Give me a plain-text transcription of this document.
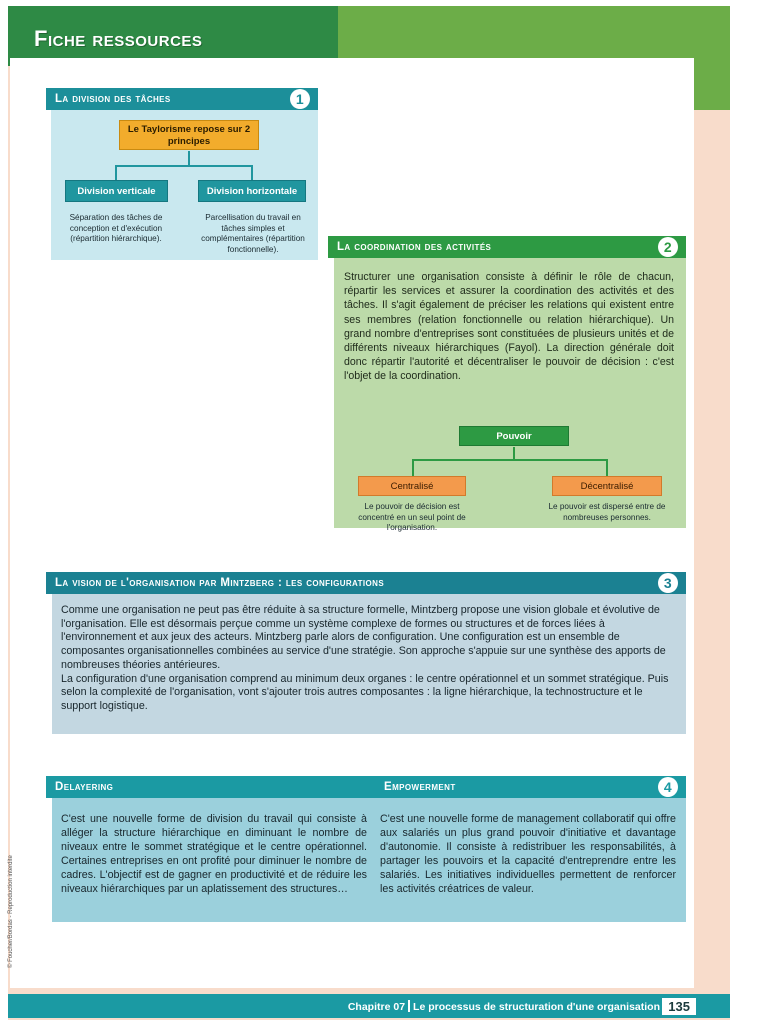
Fiche ressources
La division des tâches	1
Le Taylorisme repose sur 2 principes
Division verticale	Division horizontale
Séparation des tâches de conception et d'exécution (répartition hiérarchique).
Parcellisation du travail en tâches simples et complémentaires (répartition fonctionnelle).	La coordination des activités	2
Structurer une organisation consiste à définir le rôle de chacun, répartir les services et assurer la coordination des activités et des tâches. Il s'agit également de préciser les relations qui existent entre ses membres (relation fonctionnelle ou relation hiérarchique). Un grand nombre d'entreprises sont constituées de plusieurs unités et de différents niveaux hiérarchiques (Fayol). La direction générale doit donc répartir l'autorité et décentraliser le pouvoir de décision : c'est l'objet de la coordination.
Pouvoir
Centralisé	Décentralisé
Le pouvoir de décision est concentré en un seul point de l'organisation.
Le pouvoir est dispersé entre de nombreuses personnes.
La vision de l'organisation par Mintzberg : les configurations	3
Comme une organisation ne peut pas être réduite à sa structure formelle, Mintzberg propose une vision globale et évolutive de l'organisation. Elle est désormais perçue comme un système complexe de formes ou structures et de forces liées à l'environnement et aux jeux des acteurs. Mintzberg parle alors de configuration. Une configuration est un ensemble de composantes organisationnelles combinées au service d'une stratégie. Son approche s'appuie sur une synthèse des apports de nombreuses théories antérieures.
La configuration d'une organisation comprend au minimum deux organes : le centre opérationnel et un sommet stratégique. Puis selon la complexité de l'organisation, vont s'ajouter trois autres composantes : la ligne hiérarchique, la technostructure et le support logistique.
Delayering	Empowerment	4
C'est une nouvelle forme de division du travail qui consiste à alléger la structure hiérarchique en diminuant le nombre de niveaux entre le sommet stratégique et le centre opérationnel. Certaines entreprises en ont profité pour diminuer le nombre de cadres. L'objectif est de gagner en productivité et de réduire les niveaux hiérarchiques par un aplatissement des structures…
C'est une nouvelle forme de management collaboratif qui offre aux salariés un plus grand pouvoir d'initiative et davantage d'autonomie. Il consiste à redistribuer les responsabilités, à partager les pouvoirs et la capacité d'entreprendre entre les salariés. Les initiatives individuelles permettent de renforcer les activités créatrices de valeur.
©
Chapitre 07 Le processus de structuration d'une organisation 135
